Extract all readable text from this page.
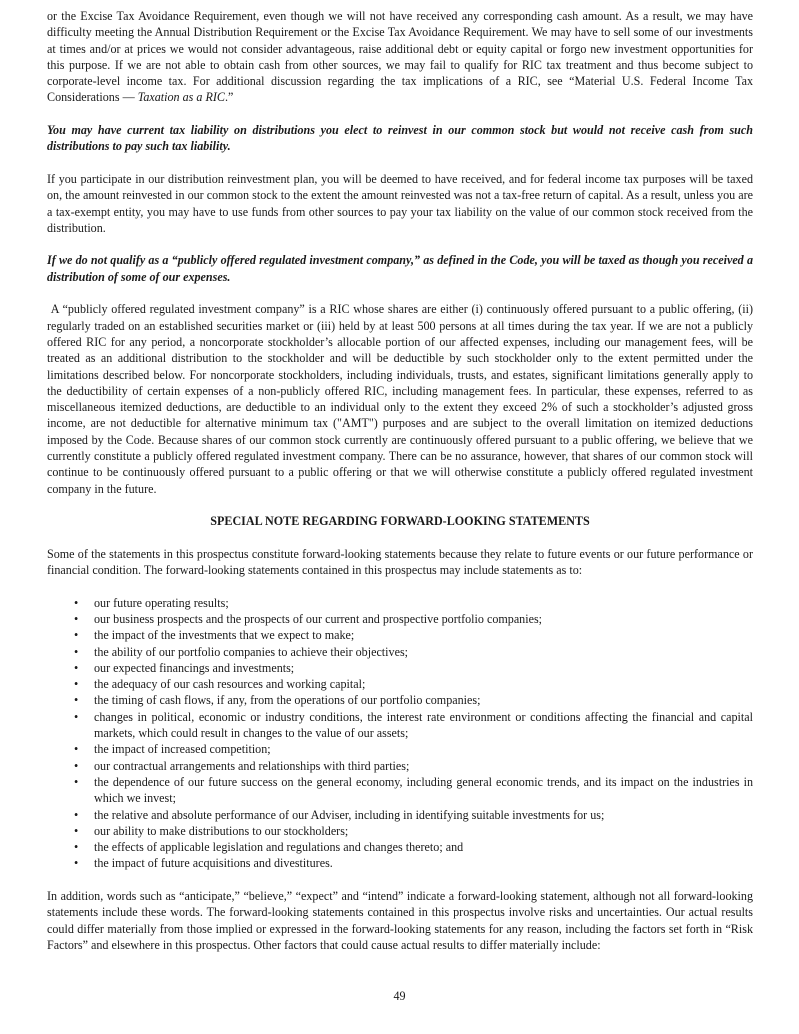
or the Excise Tax Avoidance Requirement, even though we will not have received any corresponding cash amount. As a result, we may have difficulty meeting the Annual Distribution Requirement or the Excise Tax Avoidance Requirement. We may have to sell some of our investments at times and/or at prices we would not consider advantageous, raise additional debt or equity capital or forgo new investment opportunities for this purpose. If we are not able to obtain cash from other sources, we may fail to qualify for RIC tax treatment and thus become subject to corporate-level income tax. For additional discussion regarding the tax implications of a RIC, see “Material U.S. Federal Income Tax Considerations — Taxation as a RIC.”

You may have current tax liability on distributions you elect to reinvest in our common stock but would not receive cash from such distributions to pay such tax liability.

If you participate in our distribution reinvestment plan, you will be deemed to have received, and for federal income tax purposes will be taxed on, the amount reinvested in our common stock to the extent the amount reinvested was not a tax-free return of capital. As a result, unless you are a tax-exempt entity, you may have to use funds from other sources to pay your tax liability on the value of our common stock received from the distribution.

If we do not qualify as a “publicly offered regulated investment company,” as defined in the Code, you will be taxed as though you received a distribution of some of our expenses.

A “publicly offered regulated investment company” is a RIC whose shares are either (i) continuously offered pursuant to a public offering, (ii) regularly traded on an established securities market or (iii) held by at least 500 persons at all times during the tax year. If we are not a publicly offered RIC for any period, a noncorporate stockholder’s allocable portion of our affected expenses, including our management fees, will be treated as an additional distribution to the stockholder and will be deductible by such stockholder only to the extent permitted under the limitations described below. For noncorporate stockholders, including individuals, trusts, and estates, significant limitations generally apply to the deductibility of certain expenses of a non-publicly offered RIC, including management fees. In particular, these expenses, referred to as miscellaneous itemized deductions, are deductible to an individual only to the extent they exceed 2% of such a stockholder’s adjusted gross income, are not deductible for alternative minimum tax ("AMT") purposes and are subject to the overall limitation on itemized deductions imposed by the Code. Because shares of our common stock currently are continuously offered pursuant to a public offering, we believe that we currently constitute a publicly offered regulated investment company. There can be no assurance, however, that shares of our common stock will continue to be continuously offered pursuant to a public offering or that we will otherwise constitute a publicly offered regulated investment company in the future.

SPECIAL NOTE REGARDING FORWARD-LOOKING STATEMENTS

Some of the statements in this prospectus constitute forward-looking statements because they relate to future events or our future performance or financial condition. The forward-looking statements contained in this prospectus may include statements as to:

• our future operating results;
• our business prospects and the prospects of our current and prospective portfolio companies;
• the impact of the investments that we expect to make;
• the ability of our portfolio companies to achieve their objectives;
• our expected financings and investments;
• the adequacy of our cash resources and working capital;
• the timing of cash flows, if any, from the operations of our portfolio companies;
• changes in political, economic or industry conditions, the interest rate environment or conditions affecting the financial and capital markets, which could result in changes to the value of our assets;
• the impact of increased competition;
• our contractual arrangements and relationships with third parties;
• the dependence of our future success on the general economy, including general economic trends, and its impact on the industries in which we invest;
• the relative and absolute performance of our Adviser, including in identifying suitable investments for us;
• our ability to make distributions to our stockholders;
• the effects of applicable legislation and regulations and changes thereto; and
• the impact of future acquisitions and divestitures.

In addition, words such as “anticipate,” “believe,” “expect” and “intend” indicate a forward-looking statement, although not all forward-looking statements include these words. The forward-looking statements contained in this prospectus involve risks and uncertainties. Our actual results could differ materially from those implied or expressed in the forward-looking statements for any reason, including the factors set forth in “Risk Factors” and elsewhere in this prospectus. Other factors that could cause actual results to differ materially include:

49
